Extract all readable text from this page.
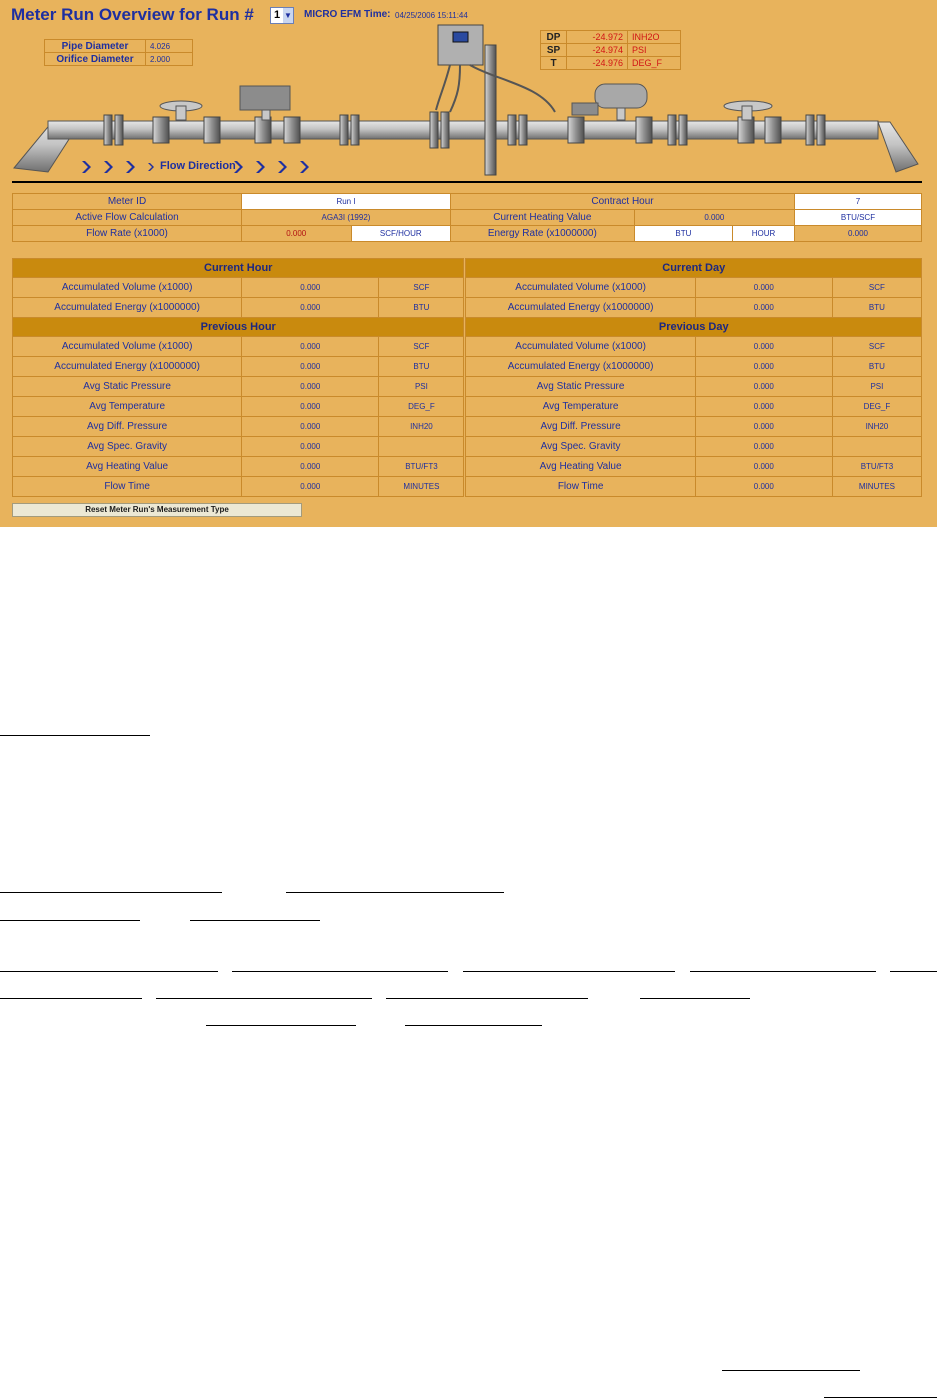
Meter Run Overview for Run # 1 ▼ MICRO EFM Time: 04/25/2006 15:11:44
Pipe Diameter	4.026
Orifice Diameter	2.000
DP	-24.972	INH2O
SP	-24.974	PSI
T	-24.976	DEG_F
Flow Direction
Meter ID	Run I		Contract Hour			7
Active Flow Calculation	AGA3I (1992)		Current Heating Value	0.000		BTU/SCF
Flow Rate (x1000)	0.000	SCF/HOUR	Energy Rate (x1000000)	BTU	HOUR	0.000
Current Hour				Current Day		
Accumulated Volume (x1000)	0.000	SCF		Accumulated Volume (x1000)	0.000	SCF
Accumulated Energy (x1000000)	0.000	BTU		Accumulated Energy (x1000000)	0.000	BTU
Previous Hour				Previous Day		
Accumulated Volume (x1000)	0.000	SCF		Accumulated Volume (x1000)	0.000	SCF
Accumulated Energy (x1000000)	0.000	BTU		Accumulated Energy (x1000000)	0.000	BTU
Avg Static Pressure	0.000	PSI		Avg Static Pressure	0.000	PSI
Avg Temperature	0.000	DEG_F		Avg Temperature	0.000	DEG_F
Avg Diff. Pressure	0.000	INH20		Avg Diff. Pressure	0.000	INH20
Avg Spec. Gravity	0.000			Avg Spec. Gravity	0.000	
Avg Heating Value	0.000	BTU/FT3		Avg Heating Value	0.000	BTU/FT3
Flow Time	0.000	MINUTES		Flow Time	0.000	MINUTES
Reset Meter Run's Measurement Type
